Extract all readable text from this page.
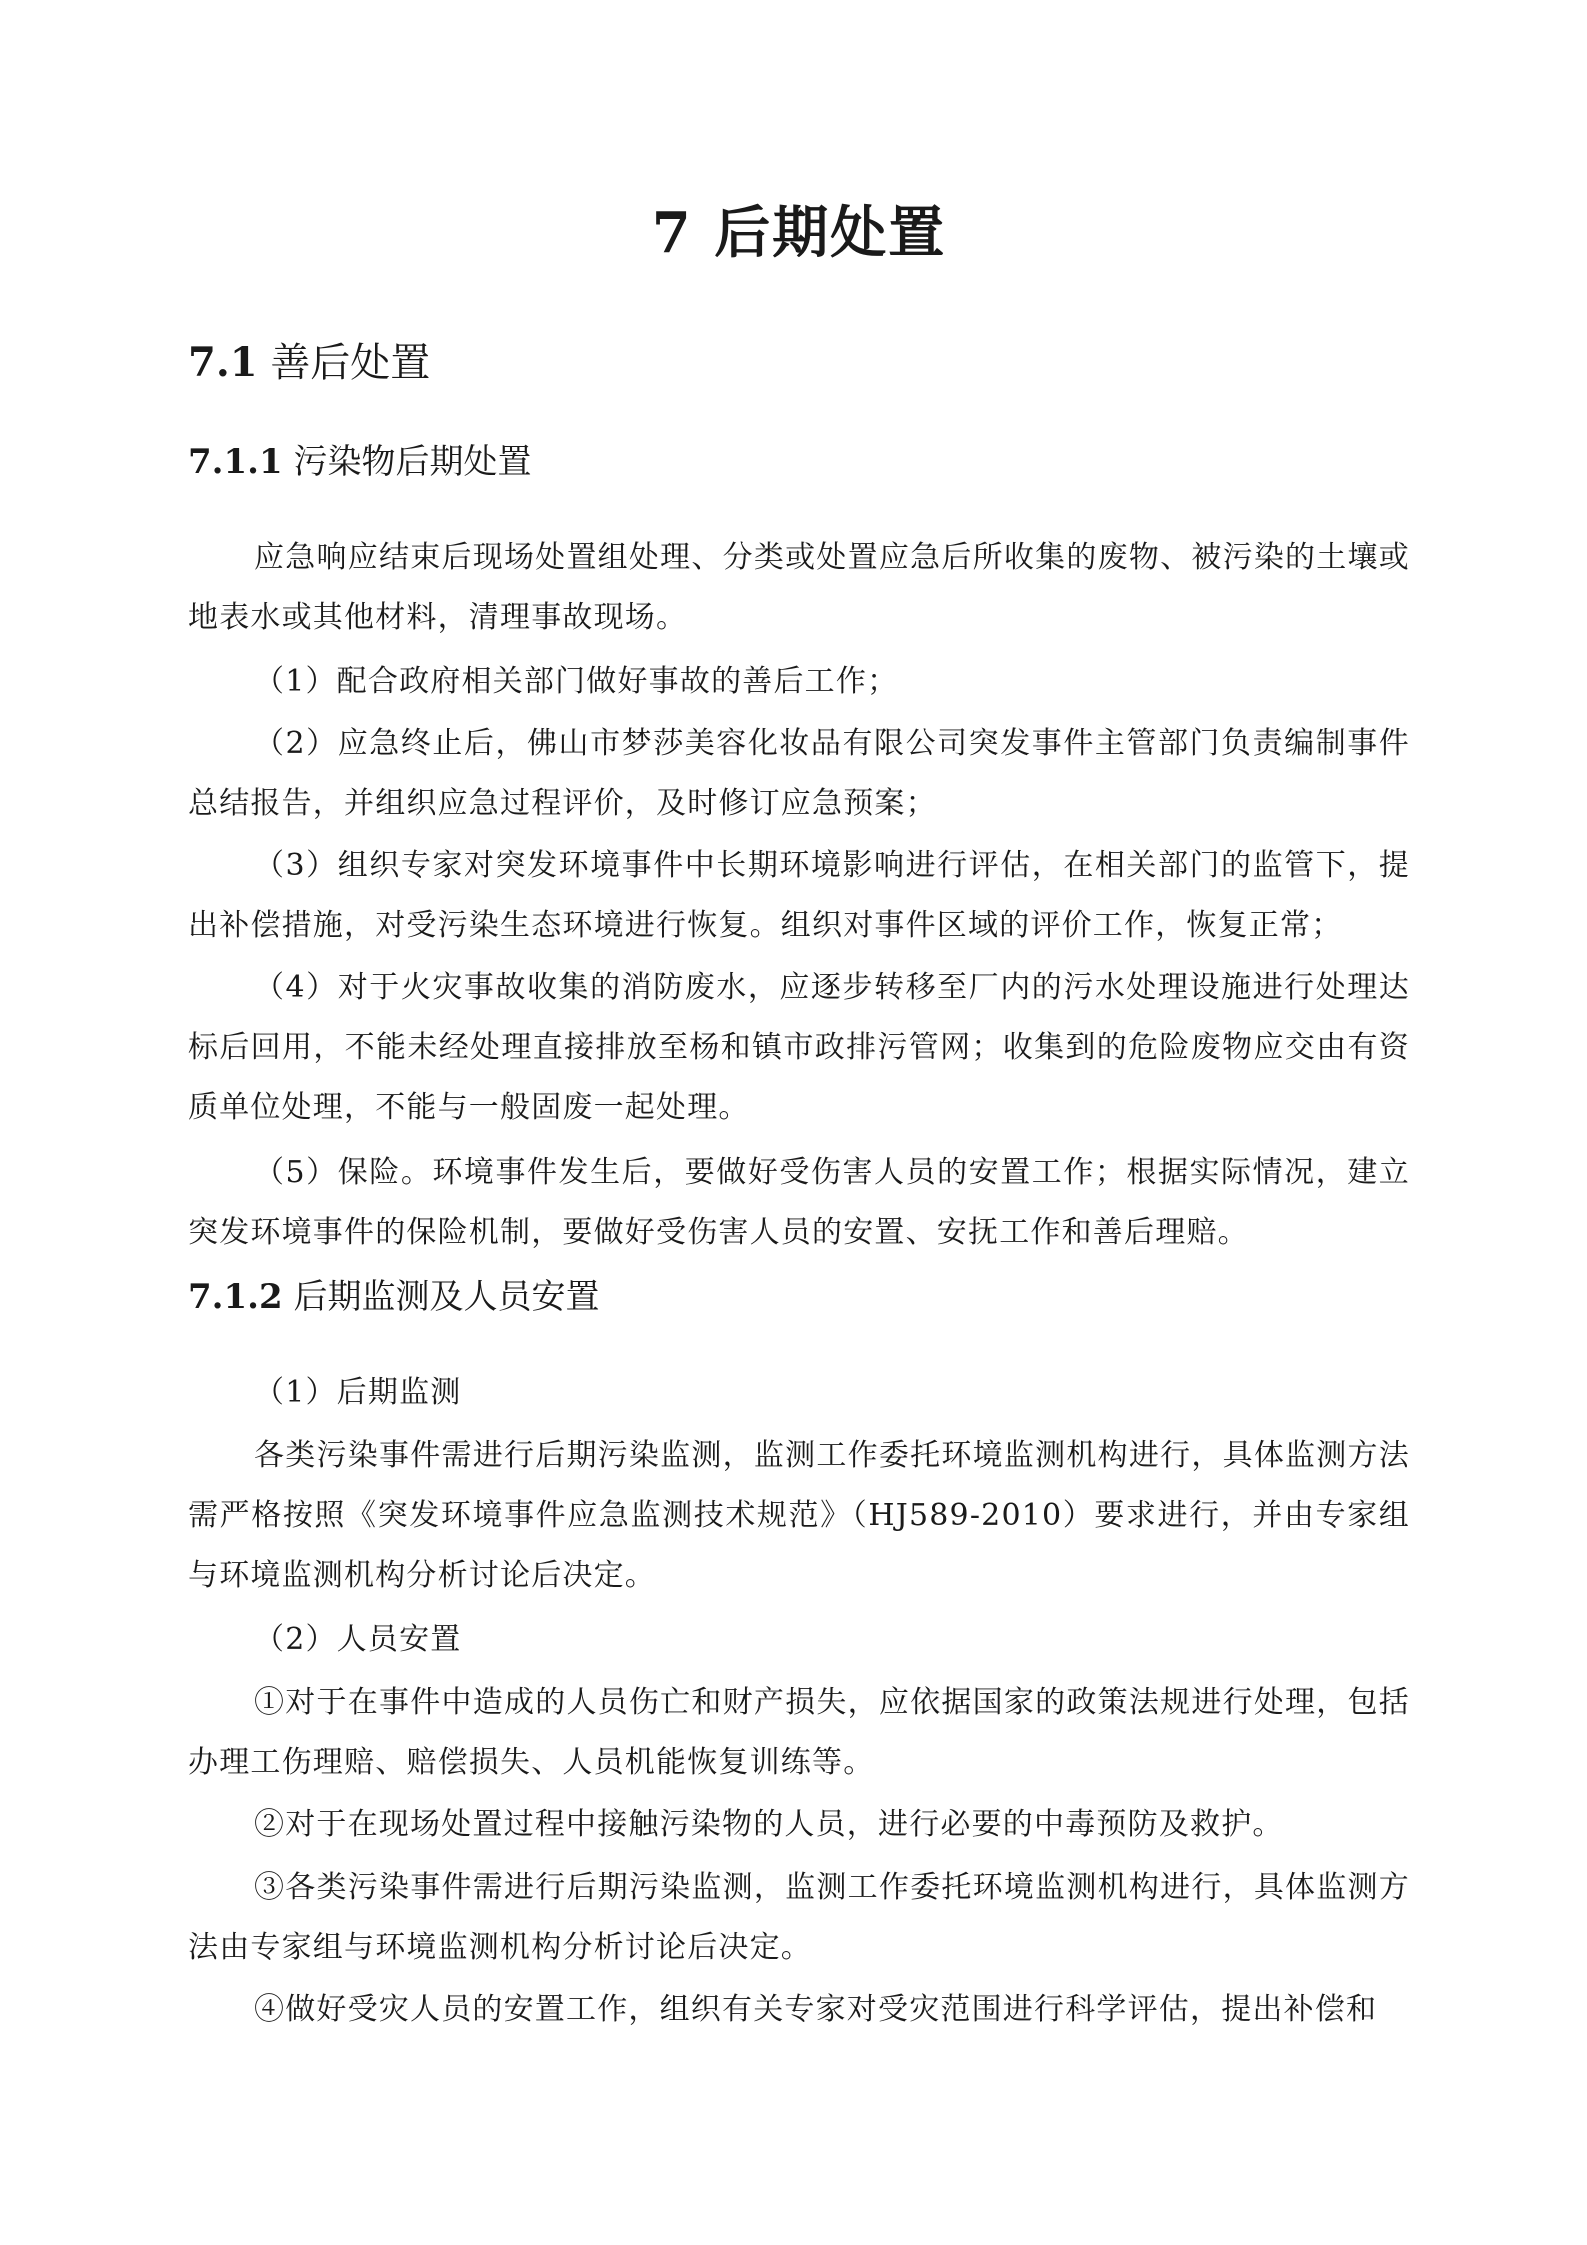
7 后期处置
7.1 善后处置
7.1.1 污染物后期处置

应急响应结束后现场处置组处理、分类或处置应急后所收集的废物、被污染的土壤或地表水或其他材料，清理事故现场。

（1）配合政府相关部门做好事故的善后工作；

（2）应急终止后，佛山市梦莎美容化妆品有限公司突发事件主管部门负责编制事件总结报告，并组织应急过程评价，及时修订应急预案；

（3）组织专家对突发环境事件中长期环境影响进行评估，在相关部门的监管下，提出补偿措施，对受污染生态环境进行恢复。组织对事件区域的评价工作，恢复正常；

（4）对于火灾事故收集的消防废水，应逐步转移至厂内的污水处理设施进行处理达标后回用，不能未经处理直接排放至杨和镇市政排污管网；收集到的危险废物应交由有资质单位处理，不能与一般固废一起处理。

（5）保险。环境事件发生后，要做好受伤害人员的安置工作；根据实际情况，建立突发环境事件的保险机制，要做好受伤害人员的安置、安抚工作和善后理赔。

7.1.2 后期监测及人员安置

（1）后期监测

各类污染事件需进行后期污染监测，监测工作委托环境监测机构进行，具体监测方法需严格按照《突发环境事件应急监测技术规范》（HJ589-2010）要求进行，并由专家组与环境监测机构分析讨论后决定。

（2）人员安置

①对于在事件中造成的人员伤亡和财产损失，应依据国家的政策法规进行处理，包括办理工伤理赔、赔偿损失、人员机能恢复训练等。

②对于在现场处置过程中接触污染物的人员，进行必要的中毒预防及救护。

③各类污染事件需进行后期污染监测，监测工作委托环境监测机构进行，具体监测方法由专家组与环境监测机构分析讨论后决定。

④做好受灾人员的安置工作，组织有关专家对受灾范围进行科学评估，提出补偿和
